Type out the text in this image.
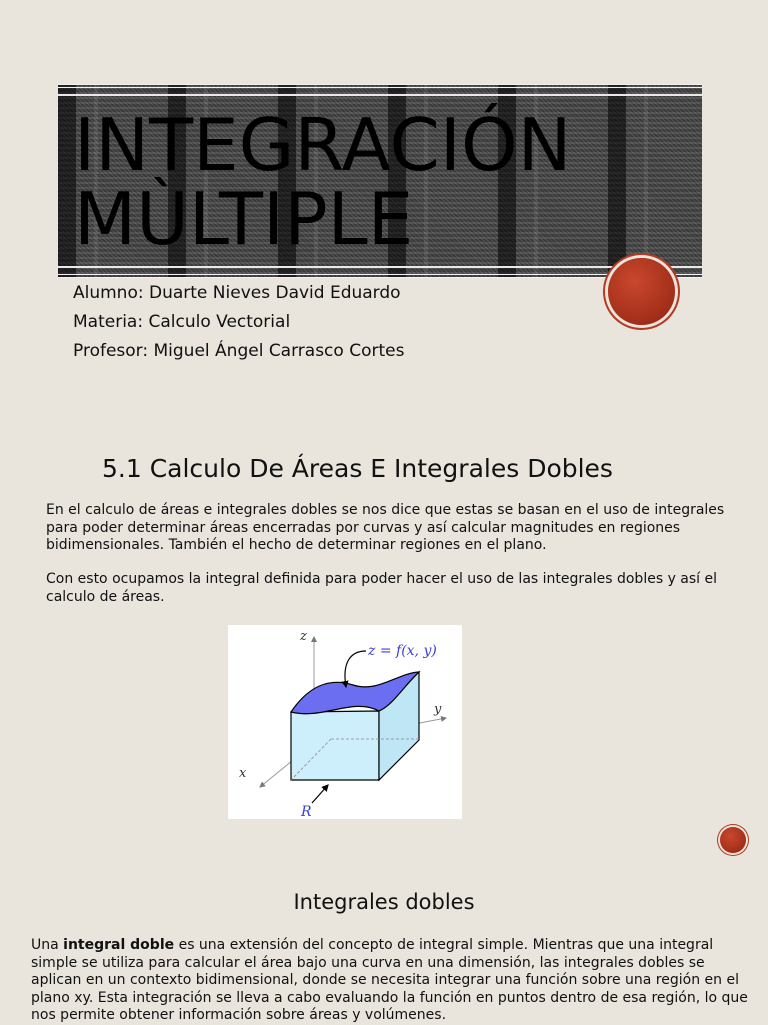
INTEGRACIÓN
MÙLTIPLE
Alumno: Duarte Nieves David Eduardo
Materia: Calculo Vectorial
Profesor: Miguel Ángel Carrasco Cortes
5.1 Calculo De Áreas E Integrales Dobles

En el calculo de áreas e integrales dobles se nos dice que estas se basan en el uso de integrales para poder determinar áreas encerradas por curvas y así calcular magnitudes en regiones bidimensionales. También el hecho de determinar regiones en el plano.

Con esto ocupamos la integral definida para poder hacer el uso de las integrales dobles y así el calculo de áreas.

z
y
x
z = f(x, y)
R
Integrales dobles

Una integral doble es una extensión del concepto de integral simple. Mientras que una integral simple se utiliza para calcular el área bajo una curva en una dimensión, las integrales dobles se aplican en un contexto bidimensional, donde se necesita integrar una función sobre una región en el plano xy. Esta integración se lleva a cabo evaluando la función en puntos dentro de esa región, lo que nos permite obtener información sobre áreas y volúmenes.
